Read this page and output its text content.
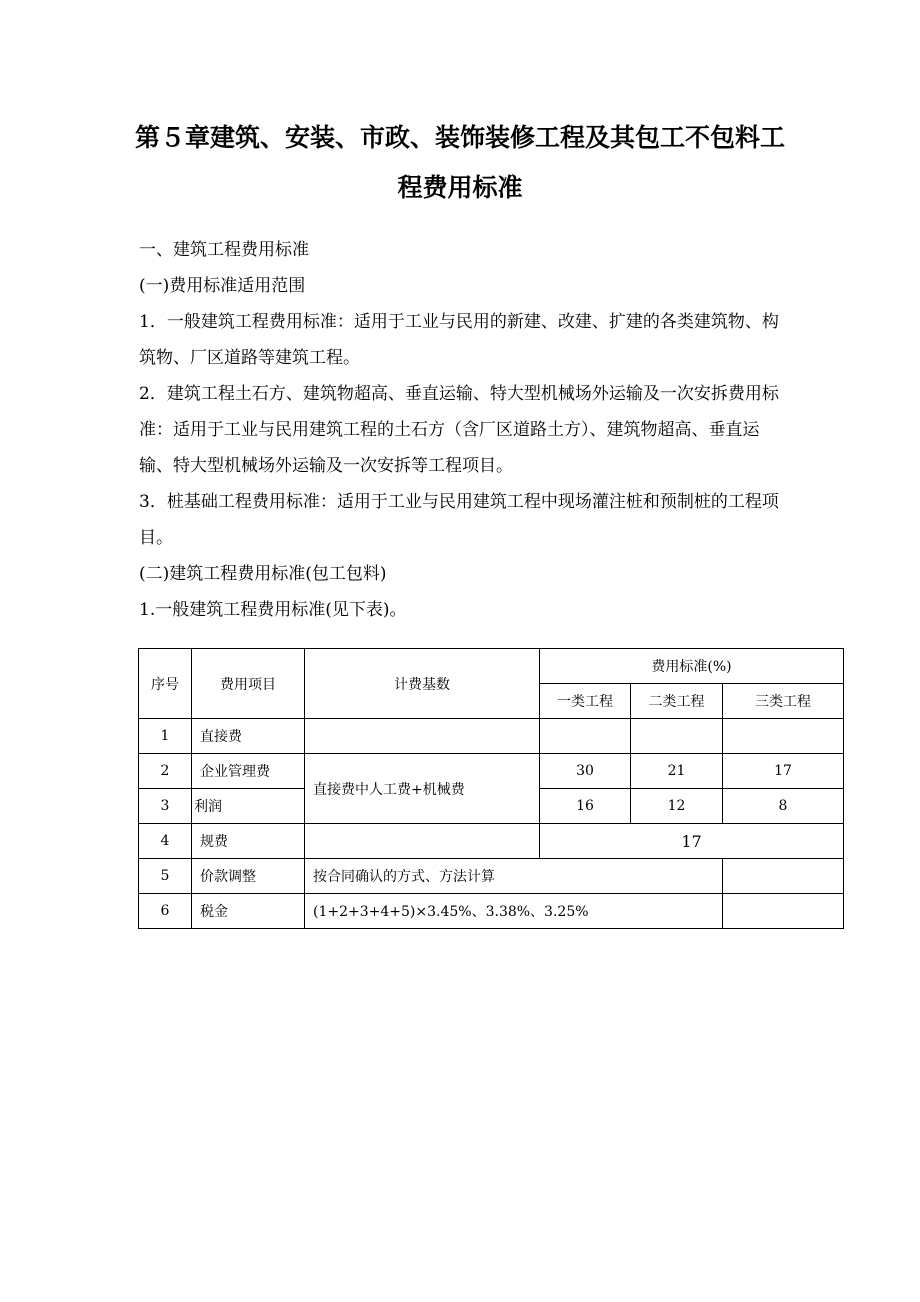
第５章建筑、安装、市政、装饰装修工程及其包工不包料工
程费用标准
一、建筑工程费用标准
(一)费用标准适用范围
1．一般建筑工程费用标准：适用于工业与民用的新建、改建、扩建的各类建筑物、构筑物、厂区道路等建筑工程。
2．建筑工程土石方、建筑物超高、垂直运输、特大型机械场外运输及一次安拆费用标准：适用于工业与民用建筑工程的土石方（含厂区道路土方）、建筑物超高、垂直运输、特大型机械场外运输及一次安拆等工程项目。
3．桩基础工程费用标准：适用于工业与民用建筑工程中现场灌注桩和预制桩的工程项目。
(二)建筑工程费用标准(包工包料)
1.一般建筑工程费用标准(见下表)。
序号	费用项目	计费基数	费用标准(%)		
			一类工程	二类工程	三类工程
1	直接费				
2	企业管理费	直接费中人工费+机械费	30	21	17
3	利润		16	12	8
4	规费		17		
5	价款调整	按合同确认的方式、方法计算			
6	税金	(1+2+3+4+5)×3.45%、3.38%、3.25%			
